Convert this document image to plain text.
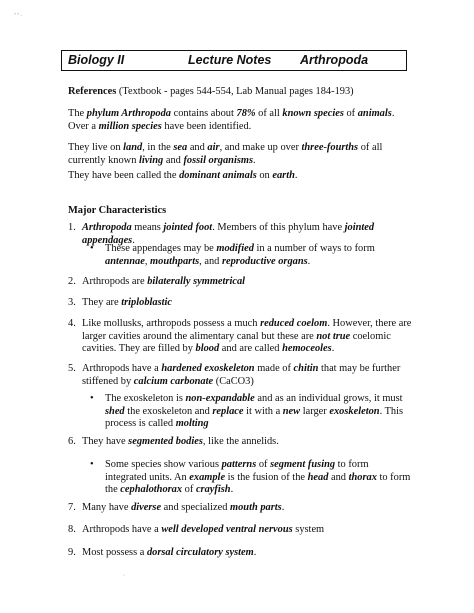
’ ’ ·
Biology II	Lecture Notes Arthropoda
References (Textbook - pages 544-554, Lab Manual pages 184-193)
The phylum Arthropoda contains about 78% of all known species of animals. Over a million species have been identified.
They live on land, in the sea and air, and make up over three-fourths of all currently known living and fossil organisms.
They have been called the dominant animals on earth.
Major Characteristics
1. Arthropoda means jointed foot. Members of this phylum have jointed appendages.
• These appendages may be modified in a number of ways to form antennae, mouthparts, and reproductive organs.
2. Arthropods are bilaterally symmetrical
3. They are triploblastic
4. Like mollusks, arthropods possess a much reduced coelom. However, there are larger cavities around the alimentary canal but these are not true coelomic cavities. They are filled by blood and are called hemoceoles.
5. Arthropods have a hardened exoskeleton made of chitin that may be further stiffened by calcium carbonate (CaCO3)
• The exoskeleton is non-expandable and as an individual grows, it must shed the exoskeleton and replace it with a new larger exoskeleton. This process is called molting
6. They have segmented bodies, like the annelids.
• Some species show various patterns of segment fusing to form integrated units. An example is the fusion of the head and thorax to form the cephalothorax of crayfish.
7. Many have diverse and specialized mouth parts.
8. Arthropods have a well developed ventral nervous system
9. Most possess a dorsal circulatory system.
·
